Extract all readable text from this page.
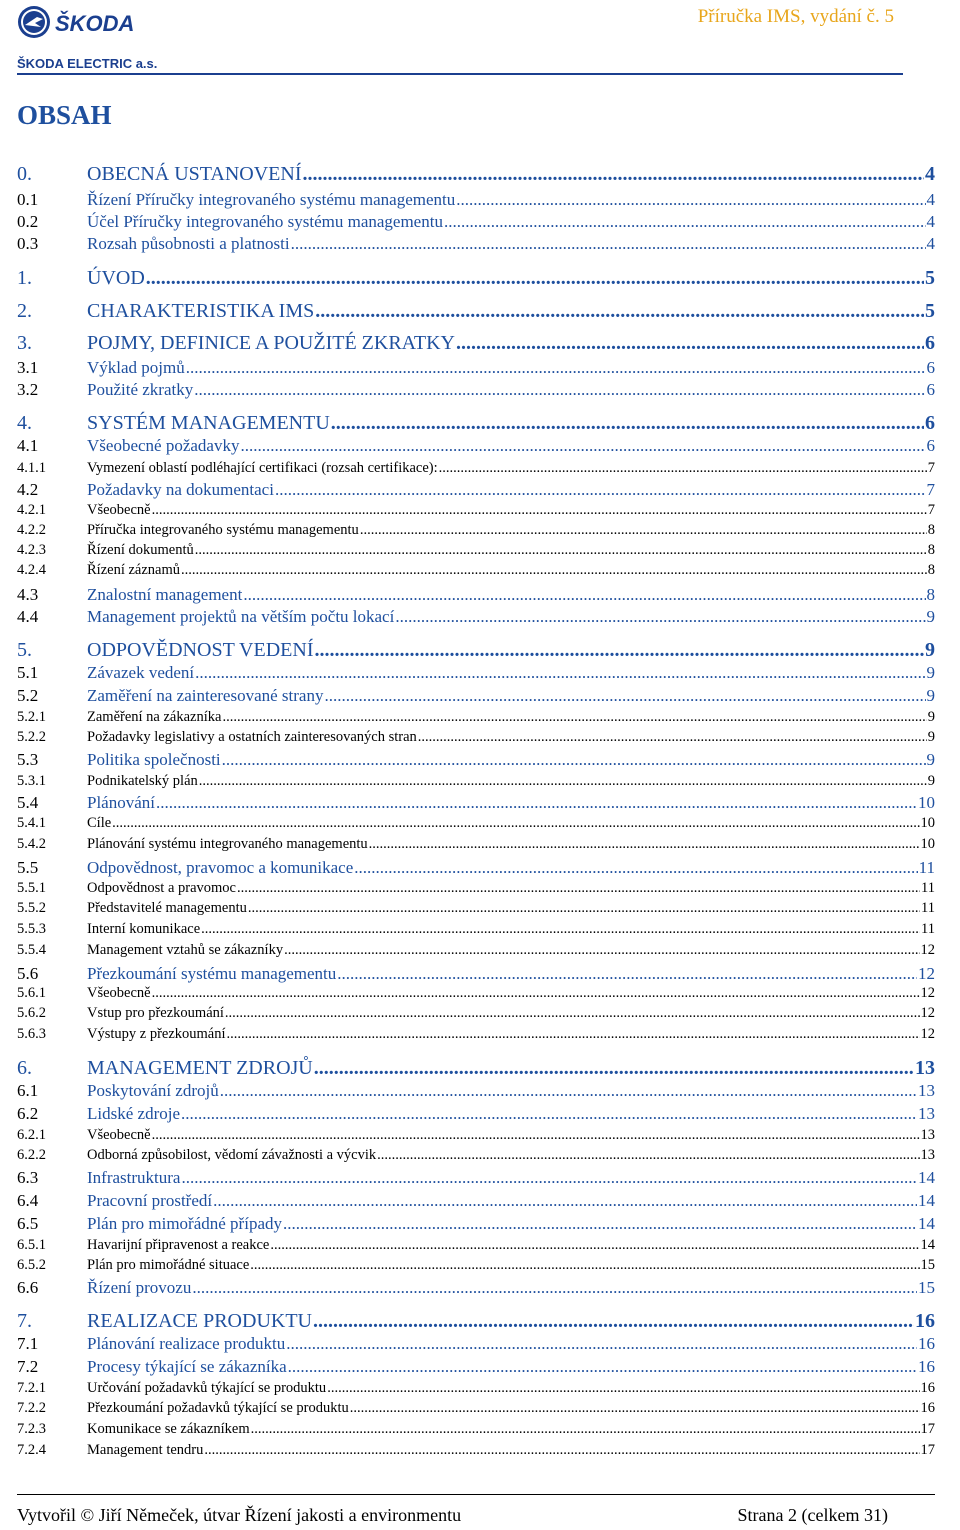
ŠKODA
ŠKODA ELECTRIC a.s.
Příručka IMS, vydání č. 5
OBSAH
0.	OBECNÁ USTANOVENÍ .....	4
0.1	Řízení Příručky integrovaného systému managementu .....	4
0.2	Účel Příručky integrovaného systému managementu .....	4
0.3	Rozsah působnosti a platnosti .....	4
1.	ÚVOD .....	5
2.	CHARAKTERISTIKA IMS .....	5
3.	POJMY, DEFINICE A POUŽITÉ ZKRATKY .....	6
3.1	Výklad pojmů .....	6
3.2	Použité zkratky .....	6
4.	SYSTÉM MANAGEMENTU .....	6
4.1	Všeobecné požadavky .....	6
4.1.1	Vymezení oblastí podléhající certifikaci (rozsah certifikace): .....	7
4.2	Požadavky na dokumentaci .....	7
4.2.1	Všeobecně .....	7
4.2.2	Příručka integrovaného systému managementu .....	8
4.2.3	Řízení dokumentů .....	8
4.2.4	Řízení záznamů .....	8
4.3	Znalostní management .....	8
4.4	Management projektů na větším počtu lokací .....	9
5.	ODPOVĚDNOST VEDENÍ .....	9
5.1	Závazek vedení .....	9
5.2	Zaměření na zainteresované strany .....	9
5.2.1	Zaměření na zákazníka .....	9
5.2.2	Požadavky legislativy a ostatních zainteresovaných stran .....	9
5.3	Politika společnosti .....	9
5.3.1	Podnikatelský plán .....	9
5.4	Plánování .....	10
5.4.1	Cíle .....	10
5.4.2	Plánování systému integrovaného managementu .....	10
5.5	Odpovědnost, pravomoc a komunikace .....	11
5.5.1	Odpovědnost a pravomoc .....	11
5.5.2	Představitelé managementu .....	11
5.5.3	Interní komunikace .....	11
5.5.4	Management vztahů se zákazníky .....	12
5.6	Přezkoumání systému managementu .....	12
5.6.1	Všeobecně .....	12
5.6.2	Vstup pro přezkoumání .....	12
5.6.3	Výstupy z přezkoumání .....	12
6.	MANAGEMENT ZDROJŮ .....	13
6.1	Poskytování zdrojů .....	13
6.2	Lidské zdroje .....	13
6.2.1	Všeobecně .....	13
6.2.2	Odborná způsobilost, vědomí závažnosti a výcvik .....	13
6.3	Infrastruktura .....	14
6.4	Pracovní prostředí .....	14
6.5	Plán pro mimořádné případy .....	14
6.5.1	Havarijní připravenost a reakce .....	14
6.5.2	Plán pro mimořádné situace .....	15
6.6	Řízení provozu .....	15
7.	REALIZACE PRODUKTU .....	16
7.1	Plánování realizace produktu .....	16
7.2	Procesy týkající se zákazníka .....	16
7.2.1	Určování požadavků týkající se produktu .....	16
7.2.2	Přezkoumání požadavků týkající se produktu .....	16
7.2.3	Komunikace se zákazníkem .....	17
7.2.4	Management tendru .....	17
Vytvořil © Jiří Němeček, útvar Řízení jakosti a environmentu	Strana 2 (celkem 31)
